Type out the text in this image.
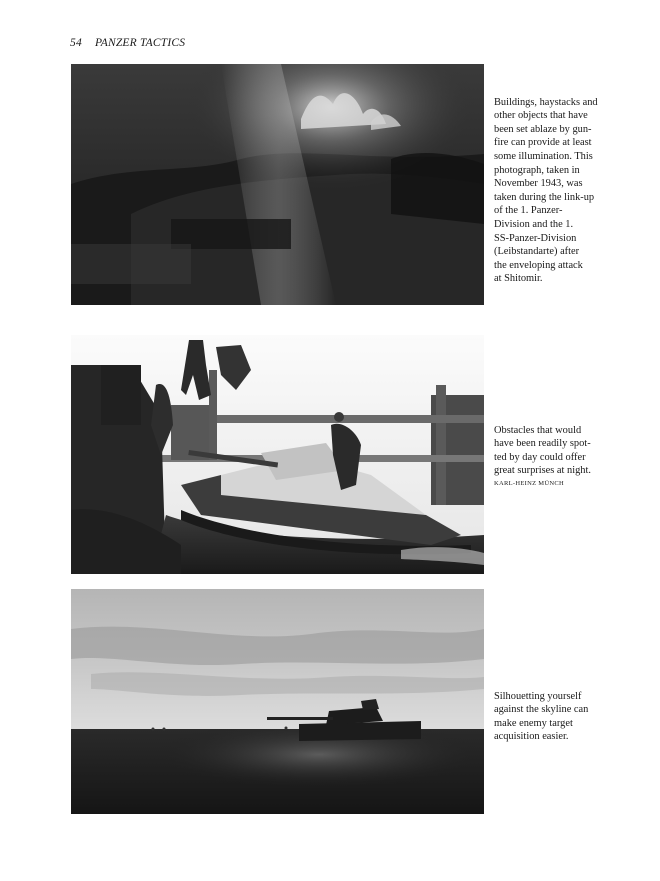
54 PANZER TACTICS

Buildings, haystacks and
other objects that have
been set ablaze by gun-
fire can provide at least
some illumination. This
photograph, taken in
November 1943, was
taken during the link-up
of the 1. Panzer-
Division and the 1.
SS-Panzer-Division
(Leibstandarte) after
the enveloping attack
at Shitomir.

Obstacles that would
have been readily spot-
ted by day could offer
great surprises at night.

KARL-HEINZ MÜNCH

Silhouetting yourself
against the skyline can
make enemy target
acquisition easier.
